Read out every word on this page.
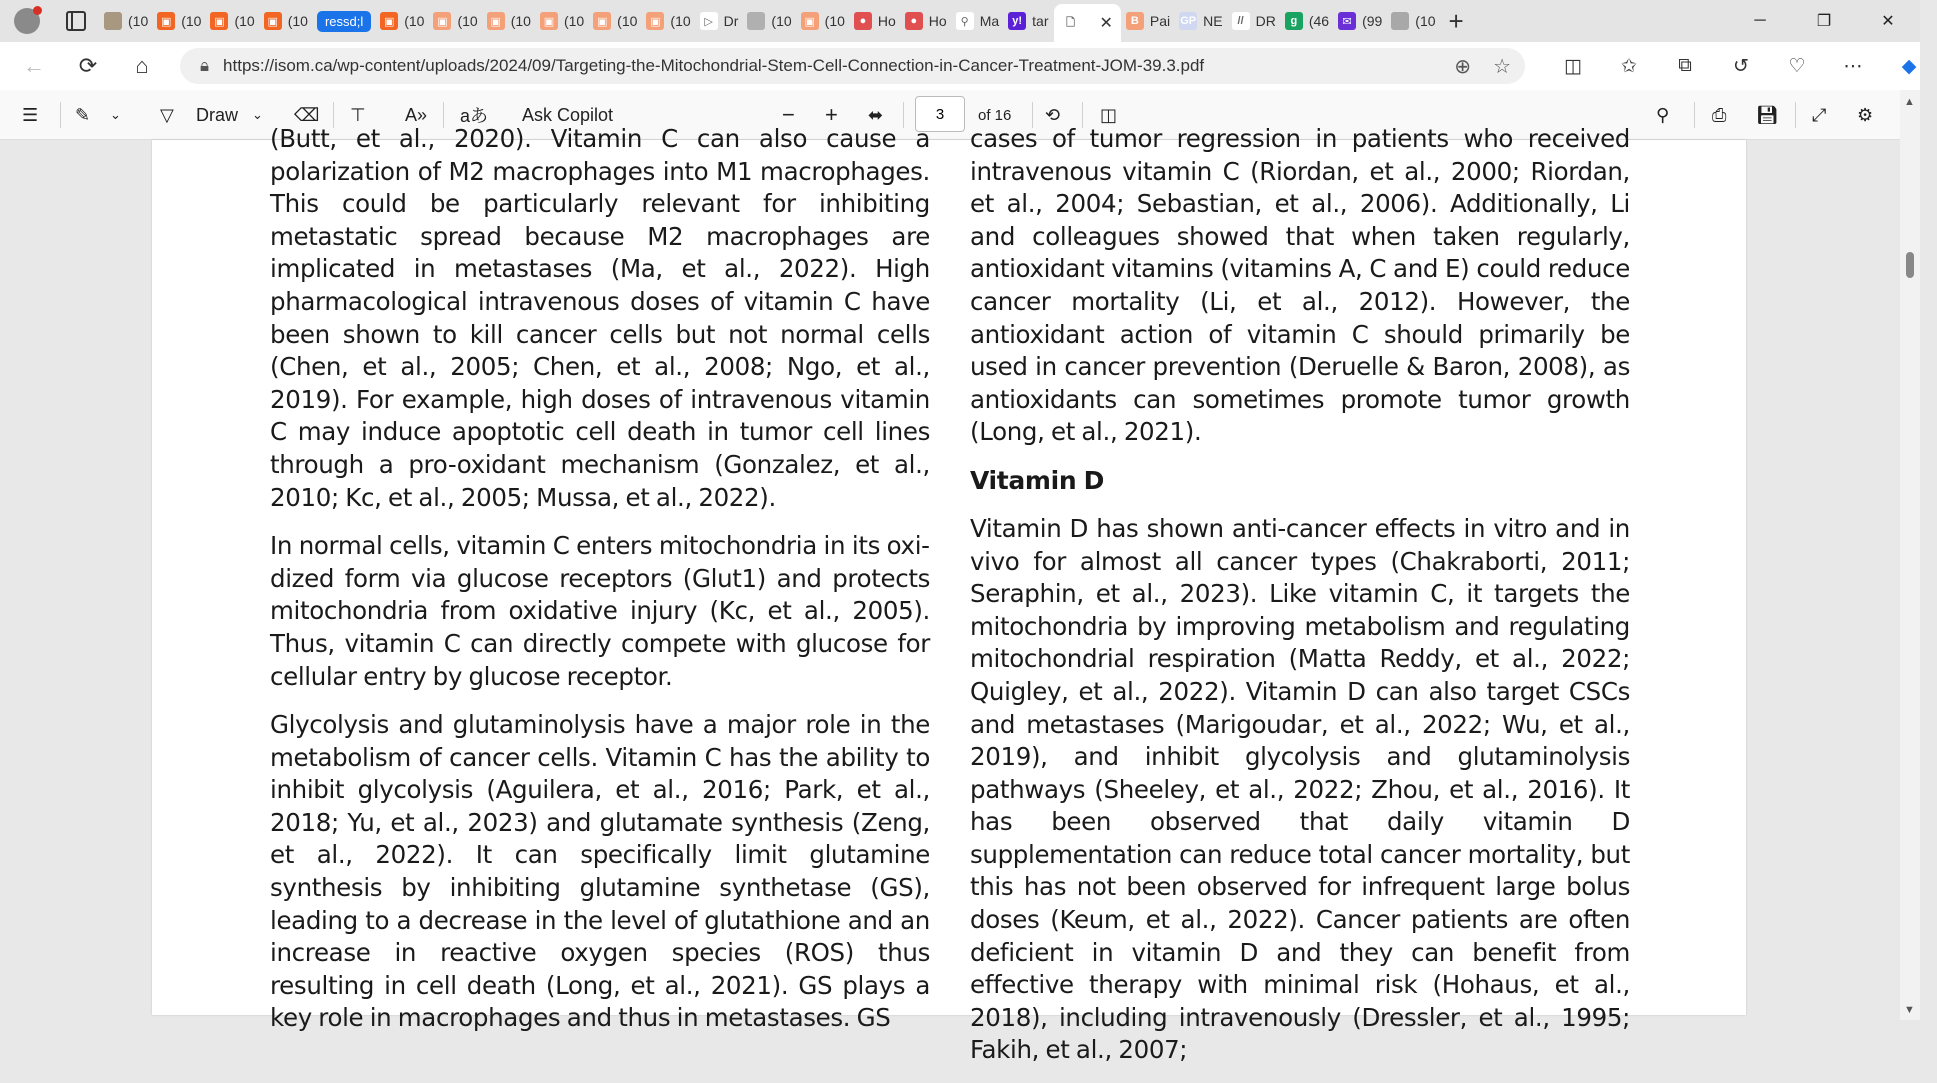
(10	▣ (10	▣ (10	▣ (10	ressd;l	▣ (10	▣ (10	▣ (10	▣ (10	▣ (10	▣ (10	▷ Dr (10	▣ (10	● Ho	● Ho	⚲ Ma	y! tar	🗋 ✕	B Pai GP NE	// DR	g (46	✉ (99 (10 +	─	❐	✕
←	⟳	⌂	🔒︎ https://isom.ca/wp-content/uploads/2024/09/Targeting-the-Mitochondrial-Stem-Cell-Connection-in-Cancer-Treatment-JOM-39.3.pdf	⊕ ☆	◫	✩	⧉	↺	♡	⋯	◆
☰ ✎ ⌄ ▽ Draw ⌄ ⌫ ⊤ A» aあ Ask Copilot	− + ⬌	3	of 16 ⟲ ◫	⚲ ⎙ 💾︎ ⤢ ⚙

(Butt, et al., 2020). Vitamin C can also cause a polarization of M2 macrophages into M1 macrophages. This could be particularly relevant for inhibiting metastatic spread because M2 macrophages are implicated in metastases (Ma, et al., 2022). High pharmacological intravenous doses of vitamin C have been shown to kill cancer cells but not normal cells (Chen, et al., 2005; Chen, et al., 2008; Ngo, et al., 2019). For example, high doses of intravenous vitamin C may induce apoptotic cell death in tumor cell lines through a pro-oxidant mechanism (Gonzalez, et al., 2010; Kc, et al., 2005; Mussa, et al., 2022).

In normal cells, vitamin C enters mitochondria in its oxidized form via glucose receptors (Glut1) and protects mitochondria from oxidative injury (Kc, et al., 2005). Thus, vitamin C can directly compete with glucose for cellular entry by glucose receptor.

Glycolysis and glutaminolysis have a major role in the metabolism of cancer cells. Vitamin C has the ability to inhibit glycolysis (Aguilera, et al., 2016; Park, et al., 2018; Yu, et al., 2023) and glutamate synthesis (Zeng, et al., 2022). It can specifically limit glutamine synthesis by inhibiting glutamine synthetase (GS), leading to a decrease in the level of glutathione and an increase in reactive oxygen species (ROS) thus resulting in cell death (Long, et al., 2021). GS plays a key role in macrophages and thus in metastases. GS

cases of tumor regression in patients who received intravenous vitamin C (Riordan, et al., 2000; Riordan, et al., 2004; Sebastian, et al., 2006). Additionally, Li and colleagues showed that when taken regularly, antioxidant vitamins (vitamins A, C and E) could reduce cancer mortality (Li, et al., 2012). However, the antioxidant action of vitamin C should primarily be used in cancer prevention (Deruelle & Baron, 2008), as antioxidants can sometimes promote tumor growth (Long, et al., 2021).

Vitamin D

Vitamin D has shown anti-cancer effects in vitro and in vivo for almost all cancer types (Chakraborti, 2011; Seraphin, et al., 2023). Like vitamin C, it targets the mitochondria by improving metabolism and regulating mitochondrial respiration (Matta Reddy, et al., 2022; Quigley, et al., 2022). Vitamin D can also target CSCs and metastases (Marigoudar, et al., 2022; Wu, et al., 2019), and inhibit glycolysis and glutaminolysis pathways (Sheeley, et al., 2022; Zhou, et al., 2016). It has been observed that daily vitamin D supplementation can reduce total cancer mortality, but this has not been observed for infrequent large bolus doses (Keum, et al., 2022). Cancer patients are often deficient in vitamin D and they can benefit from effective therapy with minimal risk (Hohaus, et al., 2018), including intravenously (Dressler, et al., 1995; Fakih, et al., 2007;

▲
▼
